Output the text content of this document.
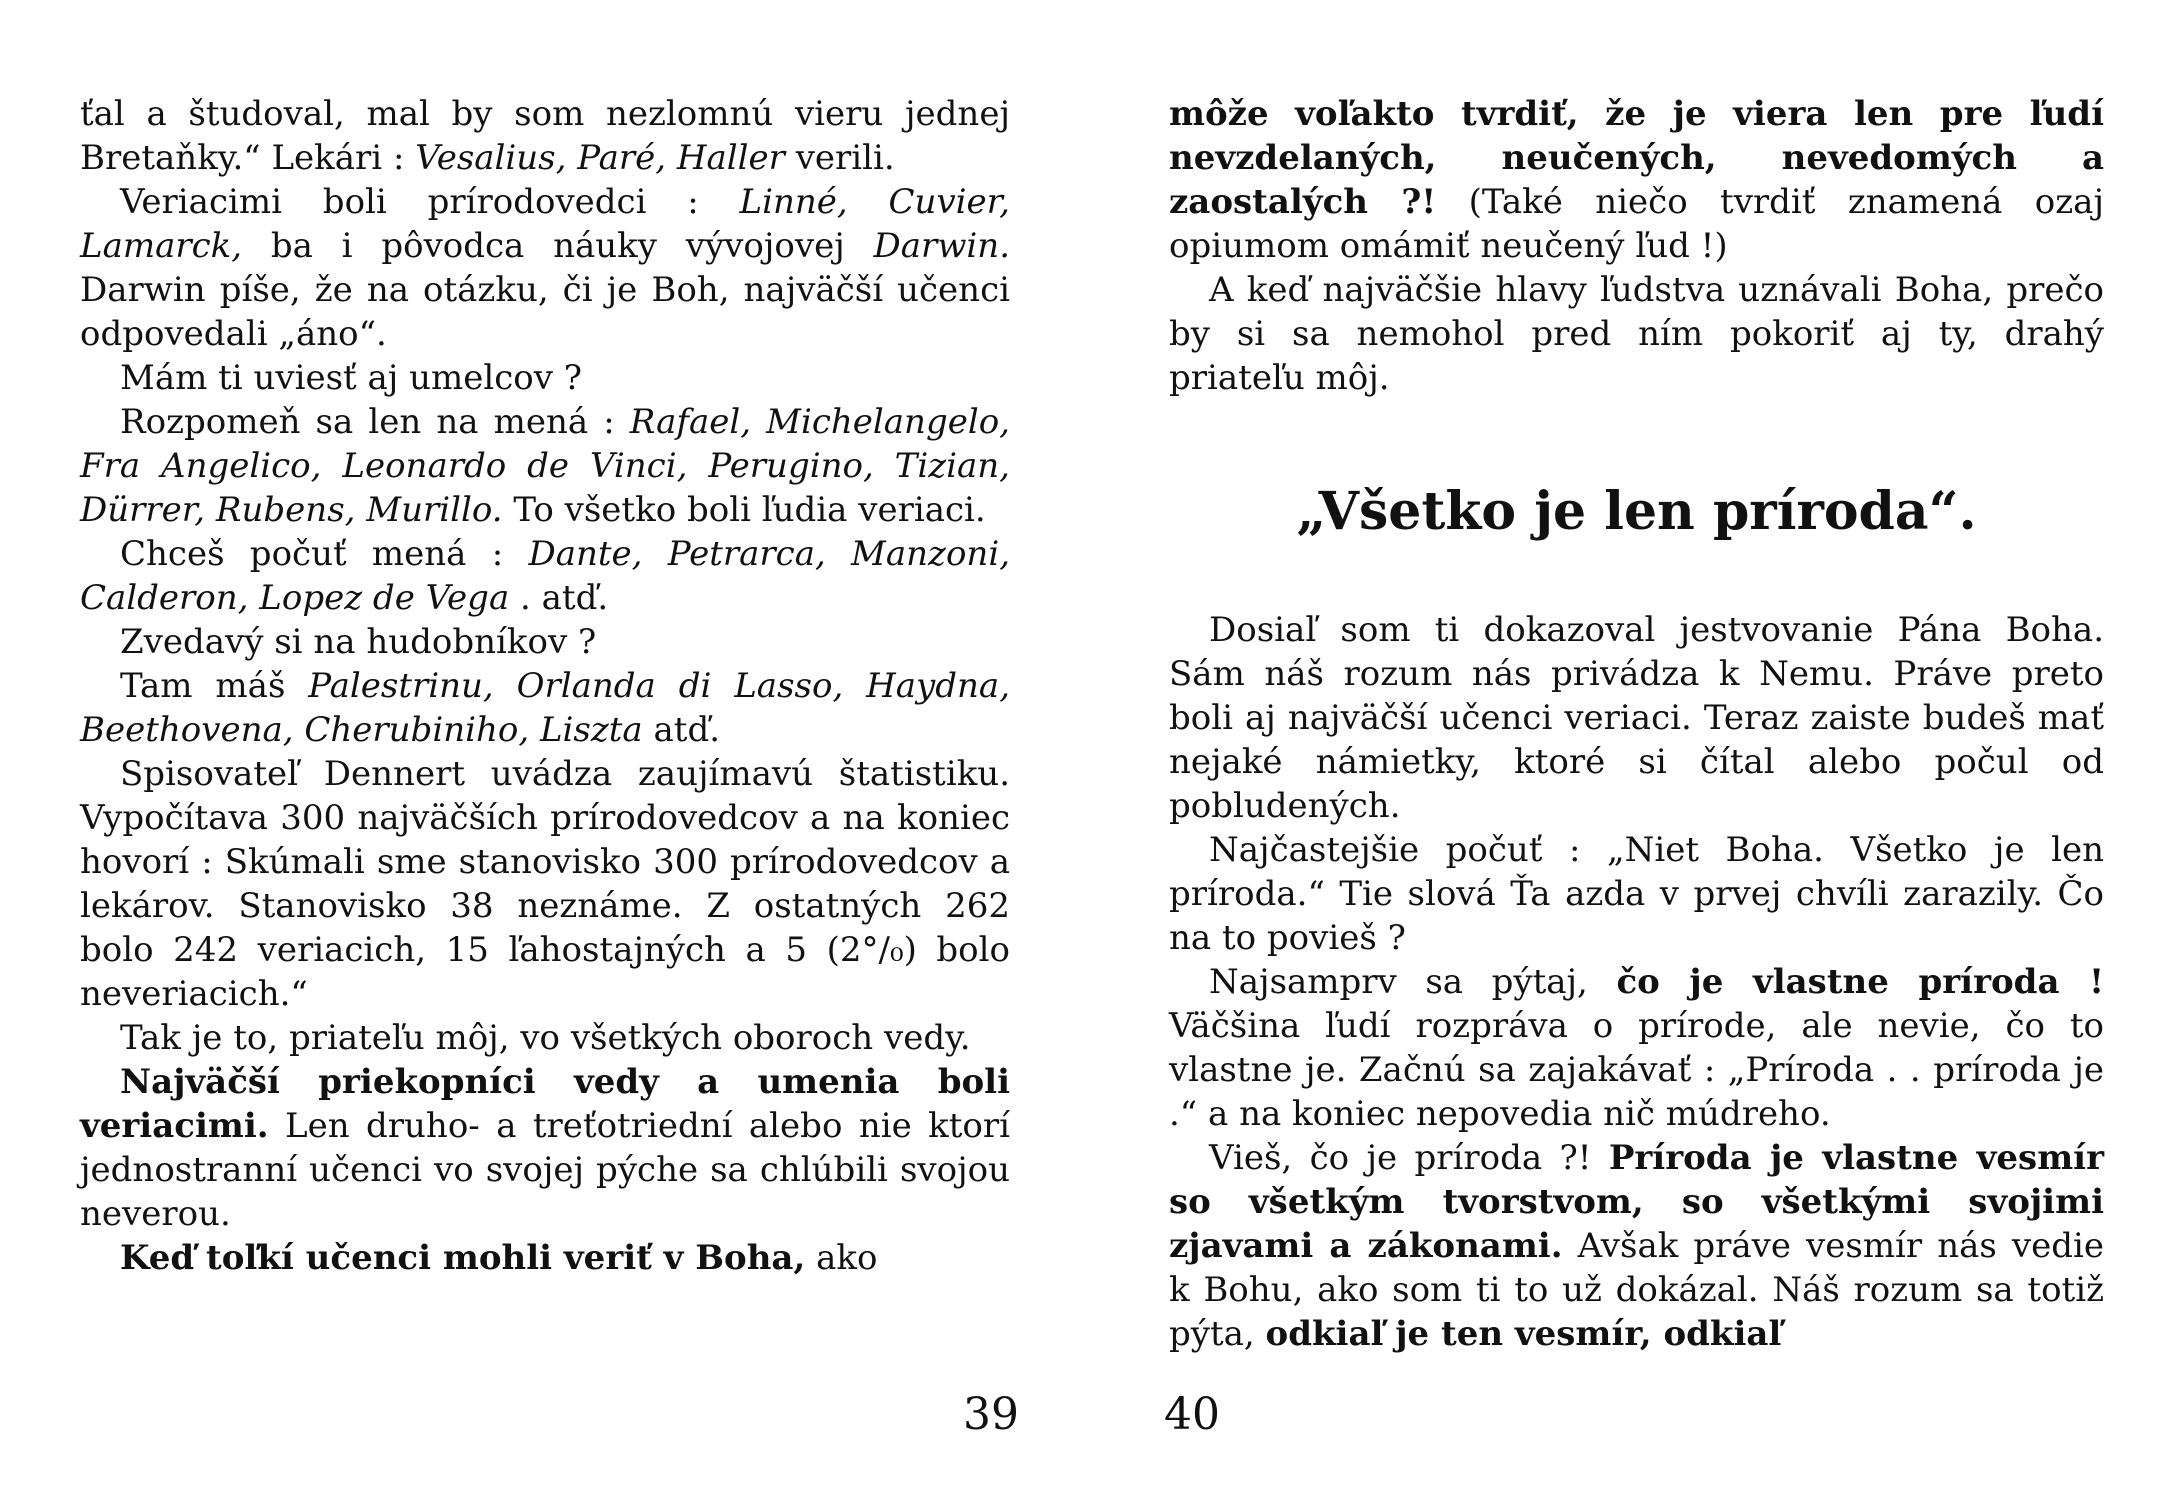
ťal a študoval, mal by som nezlomnú vieru jednej Bretaňky.“ Lekári : Vesalius, Paré, Haller verili.

Veriacimi boli prírodovedci : Linné, Cuvier, Lamarck, ba i pôvodca náuky vývojovej Darwin. Darwin píše, že na otázku, či je Boh, najväčší učenci odpovedali „áno“.

Mám ti uviesť aj umelcov ?

Rozpomeň sa len na mená : Rafael, Michelangelo, Fra Angelico, Leonardo de Vinci, Perugino, Tizian, Dürrer, Rubens, Murillo. To všetko boli ľudia veriaci.

Chceš počuť mená : Dante, Petrarca, Manzoni, Calderon, Lopez de Vega . atď.

Zvedavý si na hudobníkov ?

Tam máš Palestrinu, Orlanda di Lasso, Haydna, Beethovena, Cherubiniho, Liszta atď.

Spisovateľ Dennert uvádza zaujímavú štatistiku. Vypočítava 300 najväčších prírodovedcov a na koniec hovorí : Skúmali sme stanovisko 300 prírodovedcov a lekárov. Stanovisko 38 neznáme. Z ostatných 262 bolo 242 veriacich, 15 ľahostajných a 5 (2°/₀) bolo neveriacich.“

Tak je to, priateľu môj, vo všetkých oboroch vedy.

Najväčší priekopníci vedy a umenia boli veriacimi. Len druho- a treťotriední alebo nie ktorí jednostranní učenci vo svojej pýche sa chlúbili svojou neverou.

Keď toľkí učenci mohli veriť v Boha, ako

39

môže voľakto tvrdiť, že je viera len pre ľudí nevzdelaných, neučených, nevedomých a zaostalých ?! (Také niečo tvrdiť znamená ozaj opiumom omámiť neučený ľud !)

A keď najväčšie hlavy ľudstva uznávali Boha, prečo by si sa nemohol pred ním pokoriť aj ty, drahý priateľu môj.

„Všetko je len príroda“.

Dosiaľ som ti dokazoval jestvovanie Pána Boha. Sám náš rozum nás privádza k Nemu. Práve preto boli aj najväčší učenci veriaci. Teraz zaiste budeš mať nejaké námietky, ktoré si čítal alebo počul od pobludených.

Najčastejšie počuť : „Niet Boha. Všetko je len príroda.“ Tie slová Ťa azda v prvej chvíli zarazily. Čo na to povieš ?

Najsamprv sa pýtaj, čo je vlastne príroda ! Väčšina ľudí rozpráva o prírode, ale nevie, čo to vlastne je. Začnú sa zajakávať : „Príroda . . príroda je .“ a na koniec nepovedia nič múdreho.

Vieš, čo je príroda ?! Príroda je vlastne vesmír so všetkým tvorstvom, so všetkými svojimi zjavami a zákonami. Avšak práve vesmír nás vedie k Bohu, ako som ti to už dokázal. Náš rozum sa totiž pýta, odkiaľ je ten vesmír, odkiaľ

40
